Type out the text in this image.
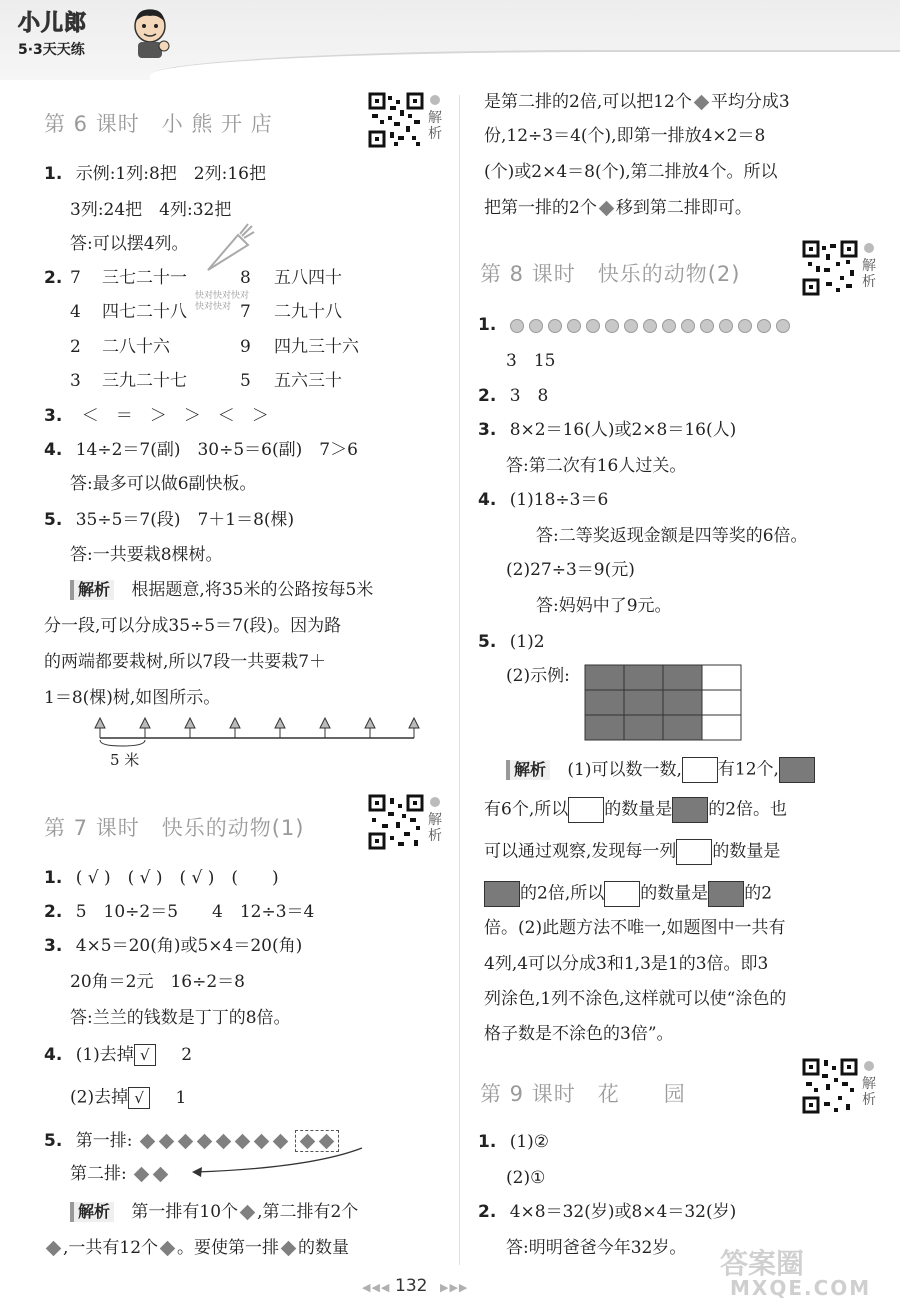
小儿郎
5·3天天练
第 6 课时　小 熊 开 店	解析
1. 示例:1列:8把　2列:16把
3列:24把　4列:32把
答:可以摆4列。
2. 7 三七二十一	8 五八四十
4 四七二十八	7 二九十八
2 二八十六	9 四九三十六
3 三九二十七	5 五六三十
快对快对快对快对快对
3. ＜　＝　＞　＞　＜　＞
4. 14÷2＝7(副)　30÷5＝6(副)　7＞6
答:最多可以做6副快板。
5. 35÷5＝7(段)　7＋1＝8(棵)
答:一共要栽8棵树。
解析 根据题意,将35米的公路按每5米
分一段,可以分成35÷5＝7(段)。因为路
的两端都要栽树,所以7段一共要栽7＋
1＝8(棵)树,如图所示。
5 米
第 7 课时　快乐的动物(1)	解析
1. ( √ )　( √ )　( √ )　(　　)
2. 5　10÷2＝5　　4　12÷3＝4
3. 4×5＝20(角)或5×4＝20(角)
20角＝2元　16÷2＝8
答:兰兰的钱数是丁丁的8倍。
4. (1)去掉 √ 2
(2)去掉 √ 1
5. 第一排:
第二排:
解析 第一排有10个 ,第二排有2个
,一共有12个 。要使第一排 的数量
是第二排的2倍,可以把12个 平均分成3
份,12÷3＝4(个),即第一排放4×2＝8
(个)或2×4＝8(个),第二排放4个。所以
把第一排的2个 移到第二排即可。
第 8 课时　快乐的动物(2)	解析
1.
3　15
2. 3　8
3. 8×2＝16(人)或2×8＝16(人)
答:第二次有16人过关。
4. (1)18÷3＝6
答:二等奖返现金额是四等奖的6倍。
(2)27÷3＝9(元)
答:妈妈中了9元。
5. (1)2
(2)示例:
解析 (1)可以数一数, 有12个,
有6个,所以 的数量是 的2倍。也
可以通过观察,发现每一列 的数量是
的2倍,所以 的数量是 的2
倍。(2)此题方法不唯一,如题图中一共有
4列,4可以分成3和1,3是1的3倍。即3
列涂色,1列不涂色,这样就可以使“涂色的
格子数是不涂色的3倍”。
第 9 课时　花　　园	解析
1. (1)②
(2)①
2. 4×8＝32(岁)或8×4＝32(岁)
答:明明爸爸今年32岁。
◀◀◀ 132 ▶▶▶
答案圈
MXQE.COM
